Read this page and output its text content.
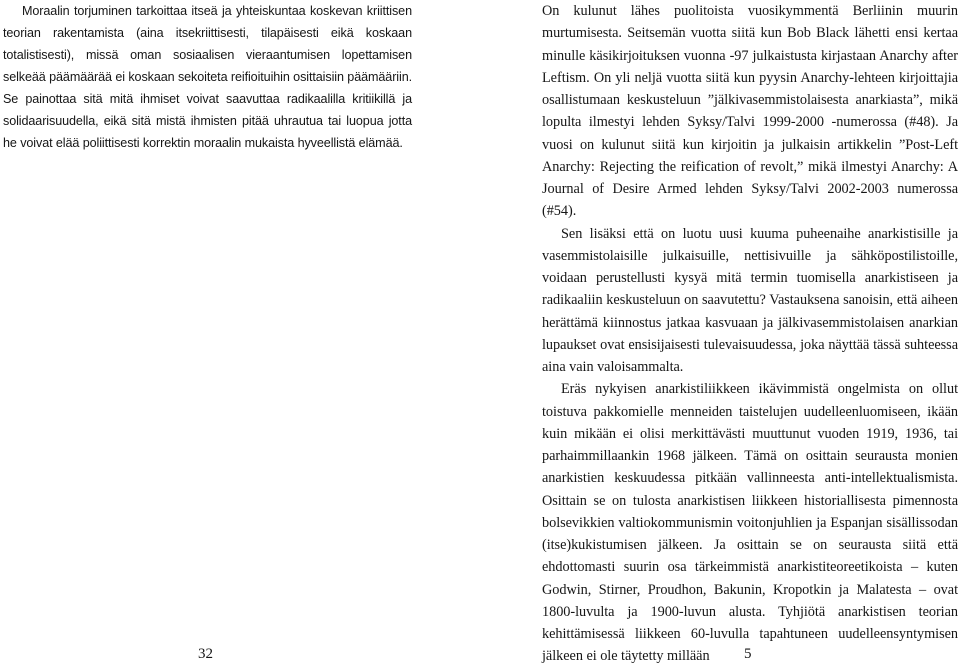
Moraalin torjuminen tarkoittaa itseä ja yhteiskuntaa koskevan kriittisen teorian rakentamista (aina itsekriittisesti, tilapäisesti eikä koskaan totalistisesti), missä oman sosiaalisen vieraantumisen lopettamisen selkeää päämäärää ei koskaan sekoiteta reifioituihin osittaisiin päämääriin. Se painottaa sitä mitä ihmiset voivat saavuttaa radikaalilla kritiikillä ja solidaarisuudella, eikä sitä mistä ihmisten pitää uhrautua tai luopua jotta he voivat elää poliittisesti korrektin moraalin mukaista hyveellistä elämää.

32

On kulunut lähes puolitoista vuosikymmentä Berliinin muurin murtumisesta. Seitsemän vuotta siitä kun Bob Black lähetti ensi kertaa minulle käsikirjoituksen vuonna -97 julkaistusta kirjastaan Anarchy after Leftism. On yli neljä vuotta siitä kun pyysin Anarchy-lehteen kirjoittajia osallistumaan keskusteluun ”jälkivasemmistolaisesta anarkiasta”, mikä lopulta ilmestyi lehden Syksy/Talvi 1999-2000 -numerossa (#48). Ja vuosi on kulunut siitä kun kirjoitin ja julkaisin artikkelin ”Post-Left Anarchy: Rejecting the reification of revolt,” mikä ilmestyi Anarchy: A Journal of Desire Armed lehden Syksy/Talvi 2002-2003 numerossa (#54).

Sen lisäksi että on luotu uusi kuuma puheenaihe anarkistisille ja vasemmistolaisille julkaisuille, nettisivuille ja sähköpostilistoille, voidaan perustellusti kysyä mitä termin tuomisella anarkistiseen ja radikaaliin keskusteluun on saavutettu? Vastauksena sanoisin, että aiheen herättämä kiinnostus jatkaa kasvuaan ja jälkivasemmistolaisen anarkian lupaukset ovat ensisijaisesti tulevaisuudessa, joka näyttää tässä suhteessa aina vain valoisammalta.

Eräs nykyisen anarkistiliikkeen ikävimmistä ongelmista on ollut toistuva pakkomielle menneiden taistelujen uudelleenluomiseen, ikään kuin mikään ei olisi merkittävästi muuttunut vuoden 1919, 1936, tai parhaimmillaankin 1968 jälkeen. Tämä on osittain seurausta monien anarkistien keskuudessa pitkään vallinneesta anti-intellektualismista. Osittain se on tulosta anarkistisen liikkeen historiallisesta pimennosta bolsevikkien valtiokommunismin voitonjuhlien ja Espanjan sisällissodan (itse)kukistumisen jälkeen. Ja osittain se on seurausta siitä että ehdottomasti suurin osa tärkeimmistä anarkistiteoreetikoista – kuten Godwin, Stirner, Proudhon, Bakunin, Kropotkin ja Malatesta – ovat 1800-luvulta ja 1900-luvun alusta. Tyhjiötä anarkistisen teorian kehittämisessä liikkeen 60-luvulla tapahtuneen uudelleensyntymisen jälkeen ei ole täytetty millään	5
